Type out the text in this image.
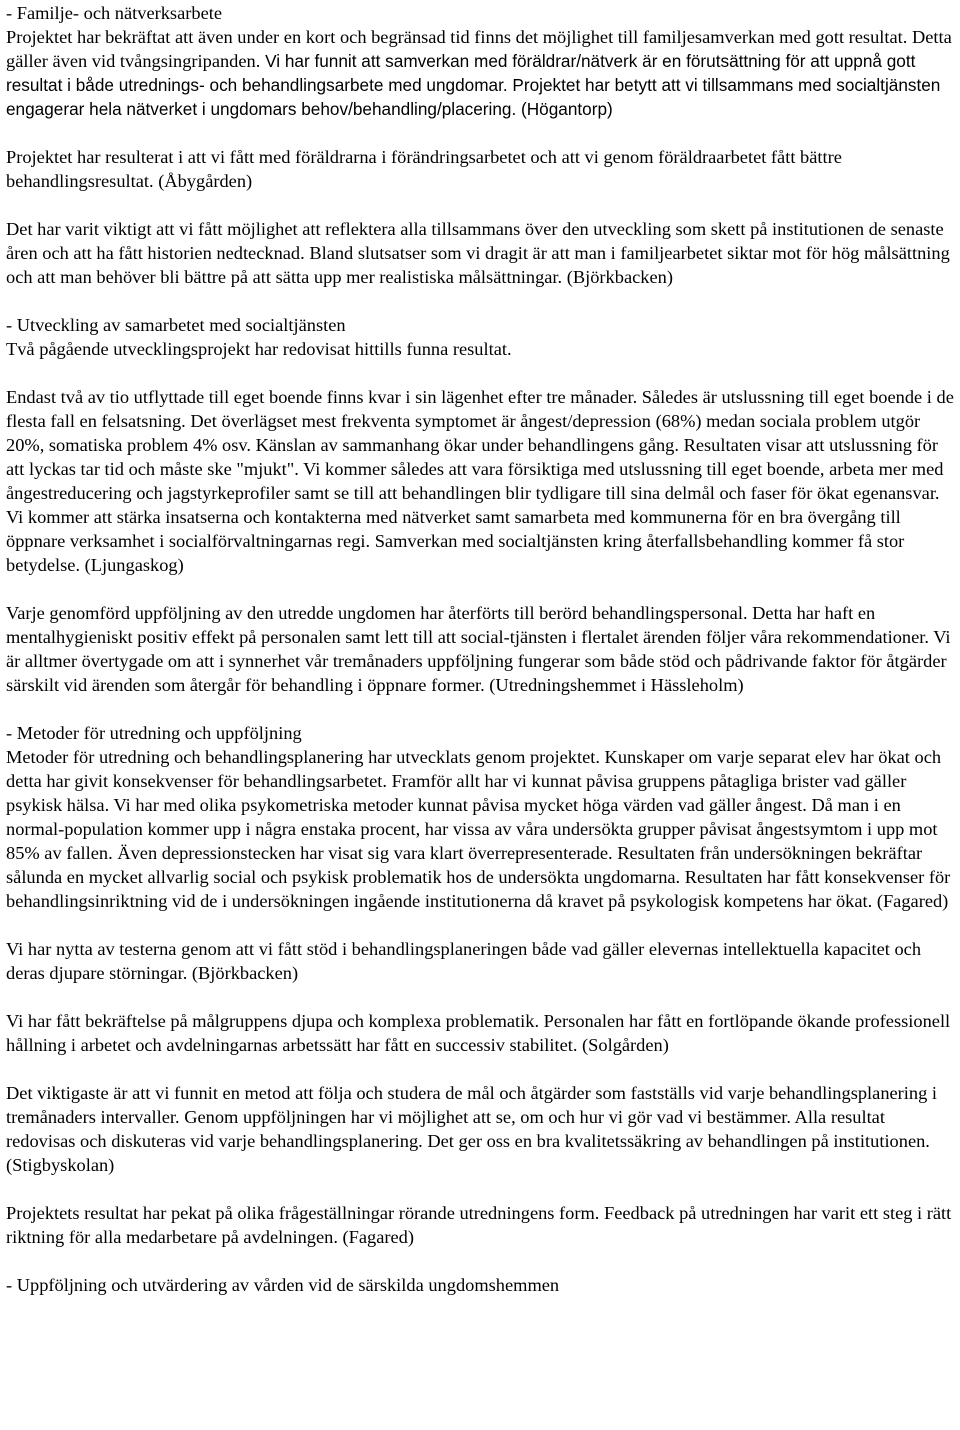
- Familje- och nätverksarbete

Projektet har bekräftat att även under en kort och begränsad tid finns det möjlighet till familjesamverkan med gott resultat. Detta gäller även vid tvångsingripanden. Vi har funnit att samverkan med föräldrar/nätverk är en förutsättning för att uppnå gott resultat i både utrednings- och behandlingsarbete med ungdomar. Projektet har betytt att vi tillsammans med socialtjänsten engagerar hela nätverket i ungdomars behov/behandling/placering. (Högantorp)

Projektet har resulterat i att vi fått med föräldrarna i förändringsarbetet och att vi genom föräldraarbetet fått bättre behandlingsresultat. (Åbygården)

Det har varit viktigt att vi fått möjlighet att reflektera alla tillsammans över den utveckling som skett på institutionen de senaste åren och att ha fått historien nedtecknad. Bland slutsatser som vi dragit är att man i familjearbetet siktar mot för hög målsättning och att man behöver bli bättre på att sätta upp mer realistiska målsättningar. (Björkbacken)

- Utveckling av samarbetet med socialtjänsten

Två pågående utvecklingsprojekt har redovisat hittills funna resultat.

Endast två av tio utflyttade till eget boende finns kvar i sin lägenhet efter tre månader. Således är utslussning till eget boende i de flesta fall en felsatsning. Det överlägset mest frekventa symptomet är ångest/depression (68%) medan sociala problem utgör 20%, somatiska problem 4% osv. Känslan av sammanhang ökar under behandlingens gång. Resultaten visar att utslussning för att lyckas tar tid och måste ske "mjukt". Vi kommer således att vara försiktiga med utslussning till eget boende, arbeta mer med ångestreducering och jagstyrkeprofiler samt se till att behandlingen blir tydligare till sina delmål och faser för ökat egenansvar. Vi kommer att stärka insatserna och kontakterna med nätverket samt samarbeta med kommunerna för en bra övergång till öppnare verksamhet i socialförvaltningarnas regi. Samverkan med socialtjänsten kring återfallsbehandling kommer få stor betydelse. (Ljungaskog)

Varje genomförd uppföljning av den utredde ungdomen har återförts till berörd behandlingspersonal. Detta har haft en mentalhygieniskt positiv effekt på personalen samt lett till att social-tjänsten i flertalet ärenden följer våra rekommendationer. Vi är alltmer övertygade om att i synnerhet vår tremånaders uppföljning fungerar som både stöd och pådrivande faktor för åtgärder särskilt vid ärenden som återgår för behandling i öppnare former. (Utredningshemmet i Hässleholm)

- Metoder för utredning och uppföljning

Metoder för utredning och behandlingsplanering har utvecklats genom projektet. Kunskaper om varje separat elev har ökat och detta har givit konsekvenser för behandlingsarbetet. Framför allt har vi kunnat påvisa gruppens påtagliga brister vad gäller psykisk hälsa. Vi har med olika psykometriska metoder kunnat påvisa mycket höga värden vad gäller ångest. Då man i en normal-population kommer upp i några enstaka procent, har vissa av våra undersökta grupper påvisat ångestsymtom i upp mot 85% av fallen. Även depressionstecken har visat sig vara klart överrepresenterade. Resultaten från undersökningen bekräftar sålunda en mycket allvarlig social och psykisk problematik hos de undersökta ungdomarna. Resultaten har fått konsekvenser för behandlingsinriktning vid de i undersökningen ingående institutionerna då kravet på psykologisk kompetens har ökat. (Fagared)

Vi har nytta av testerna genom att vi fått stöd i behandlingsplaneringen både vad gäller elevernas intellektuella kapacitet och deras djupare störningar. (Björkbacken)

Vi har fått bekräftelse på målgruppens djupa och komplexa problematik. Personalen har fått en fortlöpande ökande professionell hållning i arbetet och avdelningarnas arbetssätt har fått en successiv stabilitet. (Solgården)

Det viktigaste är att vi funnit en metod att följa och studera de mål och åtgärder som fastställs vid varje behandlingsplanering i tremånaders intervaller. Genom uppföljningen har vi möjlighet att se, om och hur vi gör vad vi bestämmer. Alla resultat redovisas och diskuteras vid varje behandlingsplanering. Det ger oss en bra kvalitetssäkring av behandlingen på institutionen. (Stigbyskolan)

Projektets resultat har pekat på olika frågeställningar rörande utredningens form. Feedback på utredningen har varit ett steg i rätt riktning för alla medarbetare på avdelningen. (Fagared)

- Uppföljning och utvärdering av vården vid de särskilda ungdomshemmen
